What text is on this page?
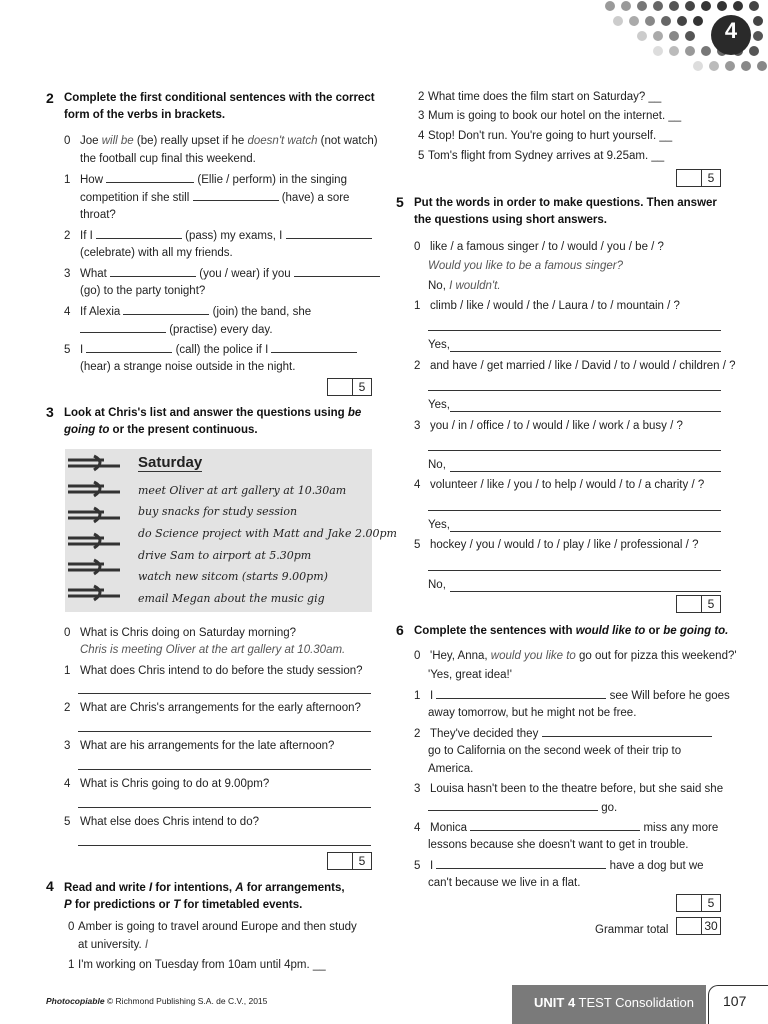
4
2 Complete the first conditional sentences with the correct
form of the verbs in brackets.
0 Joe will be (be) really upset if he doesn't watch (not watch)
the football cup final this weekend.
1 How	(Ellie / perform) in the singing
competition if she still	(have) a sore
throat?
2 If I	(pass) my exams, I
(celebrate) with all my friends.
3 What	(you / wear) if you
(go) to the party tonight?
4 If Alexia	(join) the band, she
(practise) every day.
5 I	(call) the police if I
(hear) a strange noise outside in the night.
5
3 Look at Chris's list and answer the questions using be
going to or the present continuous.
Saturday
meet Oliver at art gallery at 10.30am
buy snacks for study session
do Science project with Matt and Jake 2.00pm
drive Sam to airport at 5.30pm
watch new sitcom (starts 9.00pm)
email Megan about the music gig
0 What is Chris doing on Saturday morning?
Chris is meeting Oliver at the art gallery at 10.30am.
1 What does Chris intend to do before the study session?
2 What are Chris's arrangements for the early afternoon?
3 What are his arrangements for the late afternoon?
4 What is Chris going to do at 9.00pm?
5 What else does Chris intend to do?
5
4 Read and write I for intentions, A for arrangements,
P for predictions or T for timetabled events.
0 Amber is going to travel around Europe and then study
at university. I
1 I'm working on Tuesday from 10am until 4pm. __
2 What time does the film start on Saturday? __
3 Mum is going to book our hotel on the internet. __
4 Stop! Don't run. You're going to hurt yourself. __
5 Tom's flight from Sydney arrives at 9.25am. __
5
5 Put the words in order to make questions. Then answer
the questions using short answers.
0 like / a famous singer / to / would / you / be / ?
Would you like to be a famous singer?
No, I wouldn't.
1 climb / like / would / the / Laura / to / mountain / ?
Yes,
2 and have / get married / like / David / to / would / children / ?
Yes,
3 you / in / office / to / would / like / work / a busy / ?
No,
4 volunteer / like / you / to help / would / to / a charity / ?
Yes,
5 hockey / you / would / to / play / like / professional / ?
No,
5
6 Complete the sentences with would like to or be going to.
0 'Hey, Anna, would you like to go out for pizza this weekend?'
'Yes, great idea!'
1 I	see Will before he goes
away tomorrow, but he might not be free.
2 They've decided they
go to California on the second week of their trip to
America.
3 Louisa hasn't been to the theatre before, but she said she
go.
4 Monica	miss any more
lessons because she doesn't want to get in trouble.
5 I	have a dog but we
can't because we live in a flat.
5
Grammar total	30
Photocopiable © Richmond Publishing S.A. de C.V., 2015	UNIT 4 TEST Consolidation	107
